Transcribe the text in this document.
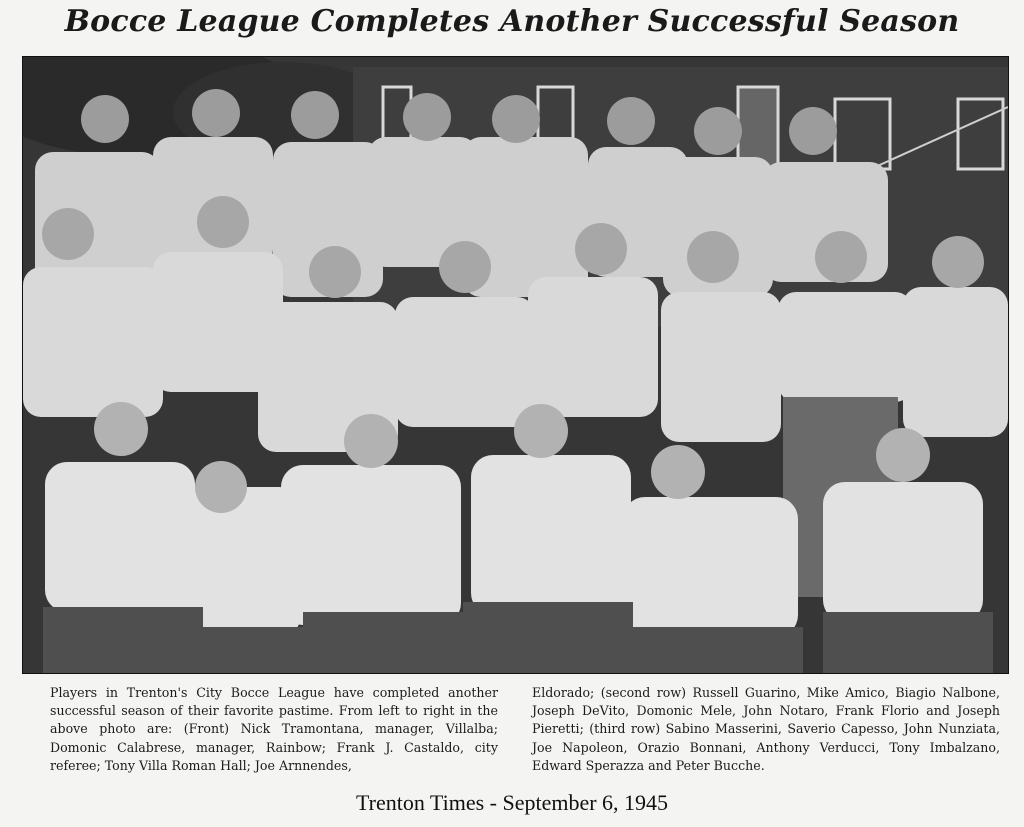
Bocce League Completes Another Successful Season
Players in Trenton's City Bocce League have completed another successful season of their favorite pastime. From left to right in the above photo are: (Front) Nick Tramontana, manager, Villalba; Domonic Calabrese, manager, Rainbow; Frank J. Castaldo, city referee; Tony Villa Roman Hall; Joe Arnnendes,
Eldorado; (second row) Russell Guarino, Mike Amico, Biagio Nalbone, Joseph DeVito, Domonic Mele, John Notaro, Frank Florio and Joseph Pieretti; (third row) Sabino Masserini, Saverio Capesso, John Nunziata, Joe Napoleon, Orazio Bonnani, Anthony Verducci, Tony Imbalzano, Edward Sperazza and Peter Bucche.
Trenton Times - September 6, 1945
